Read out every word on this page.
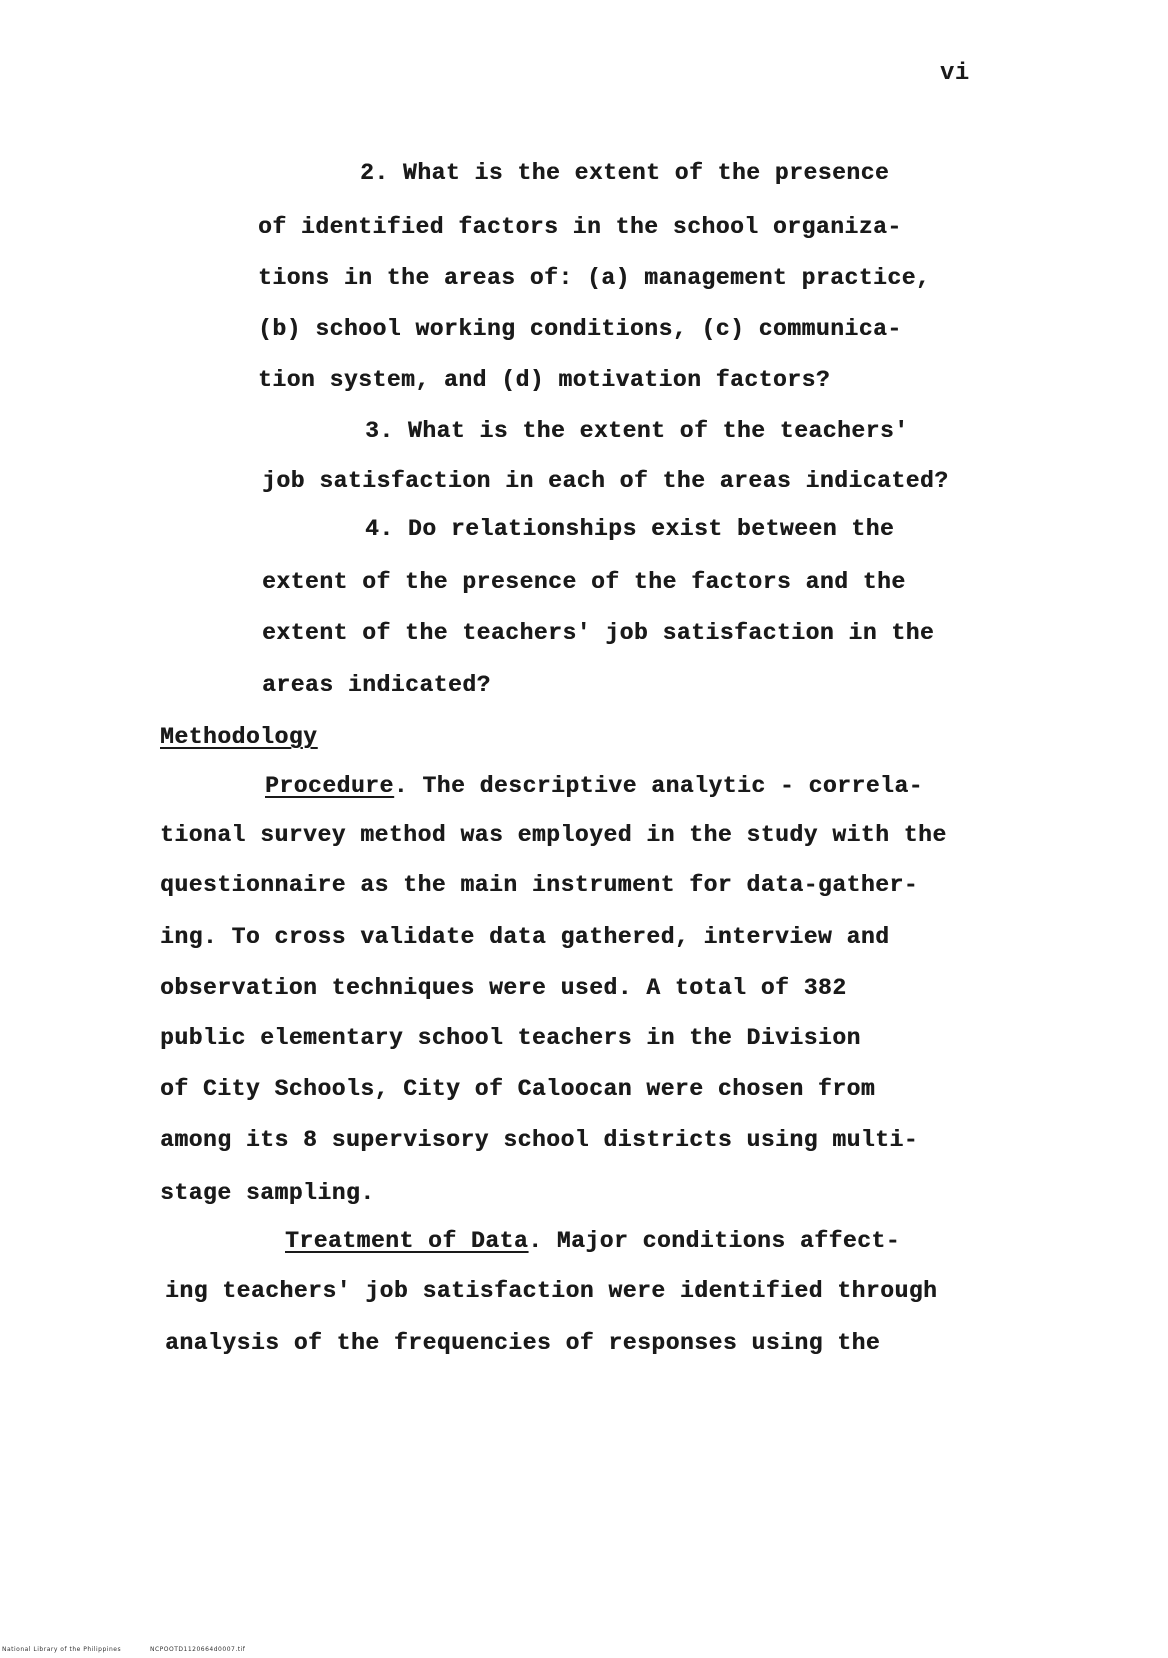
vi
2. What is the extent of the presence
of identified factors in the school organiza-
tions in the areas of: (a) management practice,
(b) school working conditions, (c) communica-
tion system, and (d) motivation factors?
3. What is the extent of the teachers'
job satisfaction in each of the areas indicated?
4. Do relationships exist between the
extent of the presence of the factors and the
extent of the teachers' job satisfaction in the
areas indicated?
Methodology
Procedure. The descriptive analytic - correla-
tional survey method was employed in the study with the
questionnaire as the main instrument for data-gather-
ing. To cross validate data gathered, interview and
observation techniques were used. A total of 382
public elementary school teachers in the Division
of City Schools, City of Caloocan were chosen from
among its 8 supervisory school districts using multi-
stage sampling.
Treatment of Data. Major conditions affect-
ing teachers' job satisfaction were identified through
analysis of the frequencies of responses using the
National Library of the Philippines	NCPOOTD1120664d0007.tif
